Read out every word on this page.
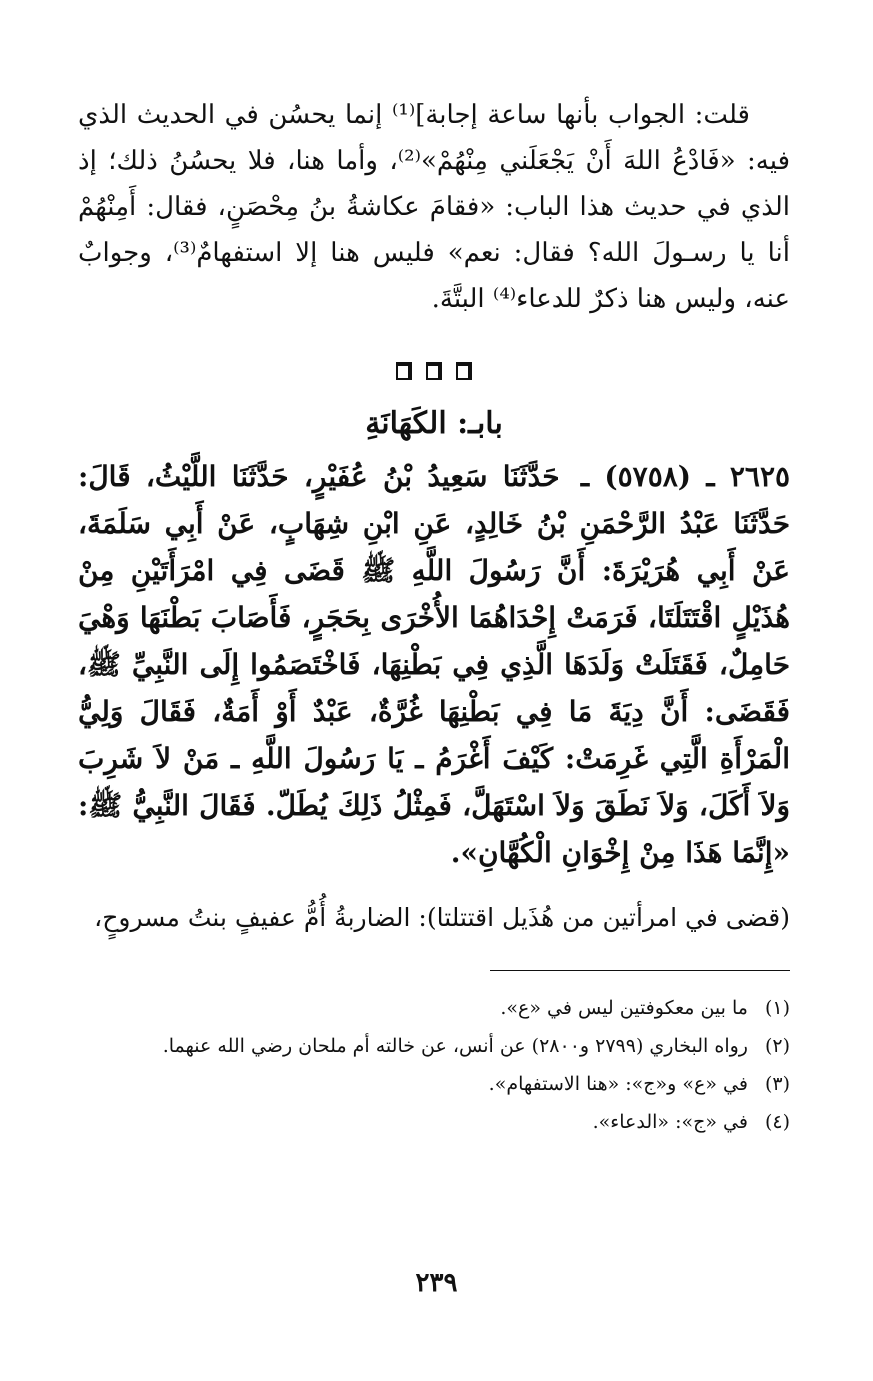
قلت: الجواب بأنها ساعة إجابة]⁽¹⁾ إنما يحسُن في الحديث الذي فيه: «فَادْعُ اللهَ أَنْ يَجْعَلَني مِنْهُمْ»⁽²⁾، وأما هنا، فلا يحسُنُ ذلك؛ إذ الذي في حديث هذا الباب: «فقامَ عكاشةُ بنُ مِحْصَنٍ، فقال: أَمِنْهُمْ أنا يا رسـولَ الله؟ فقال: نعم» فليس هنا إلا استفهامٌ⁽³⁾، وجوابٌ عنه، وليس هنا ذكرٌ للدعاء⁽⁴⁾ البتَّةَ.

بابـ: الكَهَانَةِ

٢٦٢٥ ـ (٥٧٥٨) ـ حَدَّثَنَا سَعِيدُ بْنُ عُفَيْرٍ، حَدَّثَنَا اللَّيْثُ، قَالَ: حَدَّثَنَا عَبْدُ الرَّحْمَنِ بْنُ خَالِدٍ، عَنِ ابْنِ شِهَابٍ، عَنْ أَبِي سَلَمَةَ، عَنْ أَبِي هُرَيْرَةَ: أَنَّ رَسُولَ اللَّهِ ﷺ قَضَى فِي امْرَأَتَيْنِ مِنْ هُذَيْلٍ اقْتَتَلَتَا، فَرَمَتْ إِحْدَاهُمَا الأُخْرَى بِحَجَرٍ، فَأَصَابَ بَطْنَهَا وَهْيَ حَامِلٌ، فَقَتَلَتْ وَلَدَهَا الَّذِي فِي بَطْنِهَا، فَاخْتَصَمُوا إِلَى النَّبِيِّ ﷺ، فَقَضَى: أَنَّ دِيَةَ مَا فِي بَطْنِهَا غُرَّةٌ، عَبْدٌ أَوْ أَمَةٌ، فَقَالَ وَلِيُّ الْمَرْأَةِ الَّتِي غَرِمَتْ: كَيْفَ أَغْرَمُ ـ يَا رَسُولَ اللَّهِ ـ مَنْ لاَ شَرِبَ وَلاَ أَكَلَ، وَلاَ نَطَقَ وَلاَ اسْتَهَلَّ، فَمِثْلُ ذَلِكَ يُطَلّ. فَقَالَ النَّبِيُّ ﷺ: «إِنَّمَا هَذَا مِنْ إِخْوَانِ الْكُهَّانِ».

(قضى في امرأتين من هُذَيل اقتتلتا): الضاربةُ أُمُّ عفيفٍ بنتُ مسروحٍ،

(١) ما بين معكوفتين ليس في «ع».

(٢) رواه البخاري (٢٧٩٩ و٢٨٠٠) عن أنس، عن خالته أم ملحان رضي الله عنهما.

(٣) في «ع» و«ج»: «هنا الاستفهام».

(٤) في «ج»: «الدعاء».

٢٣٩
